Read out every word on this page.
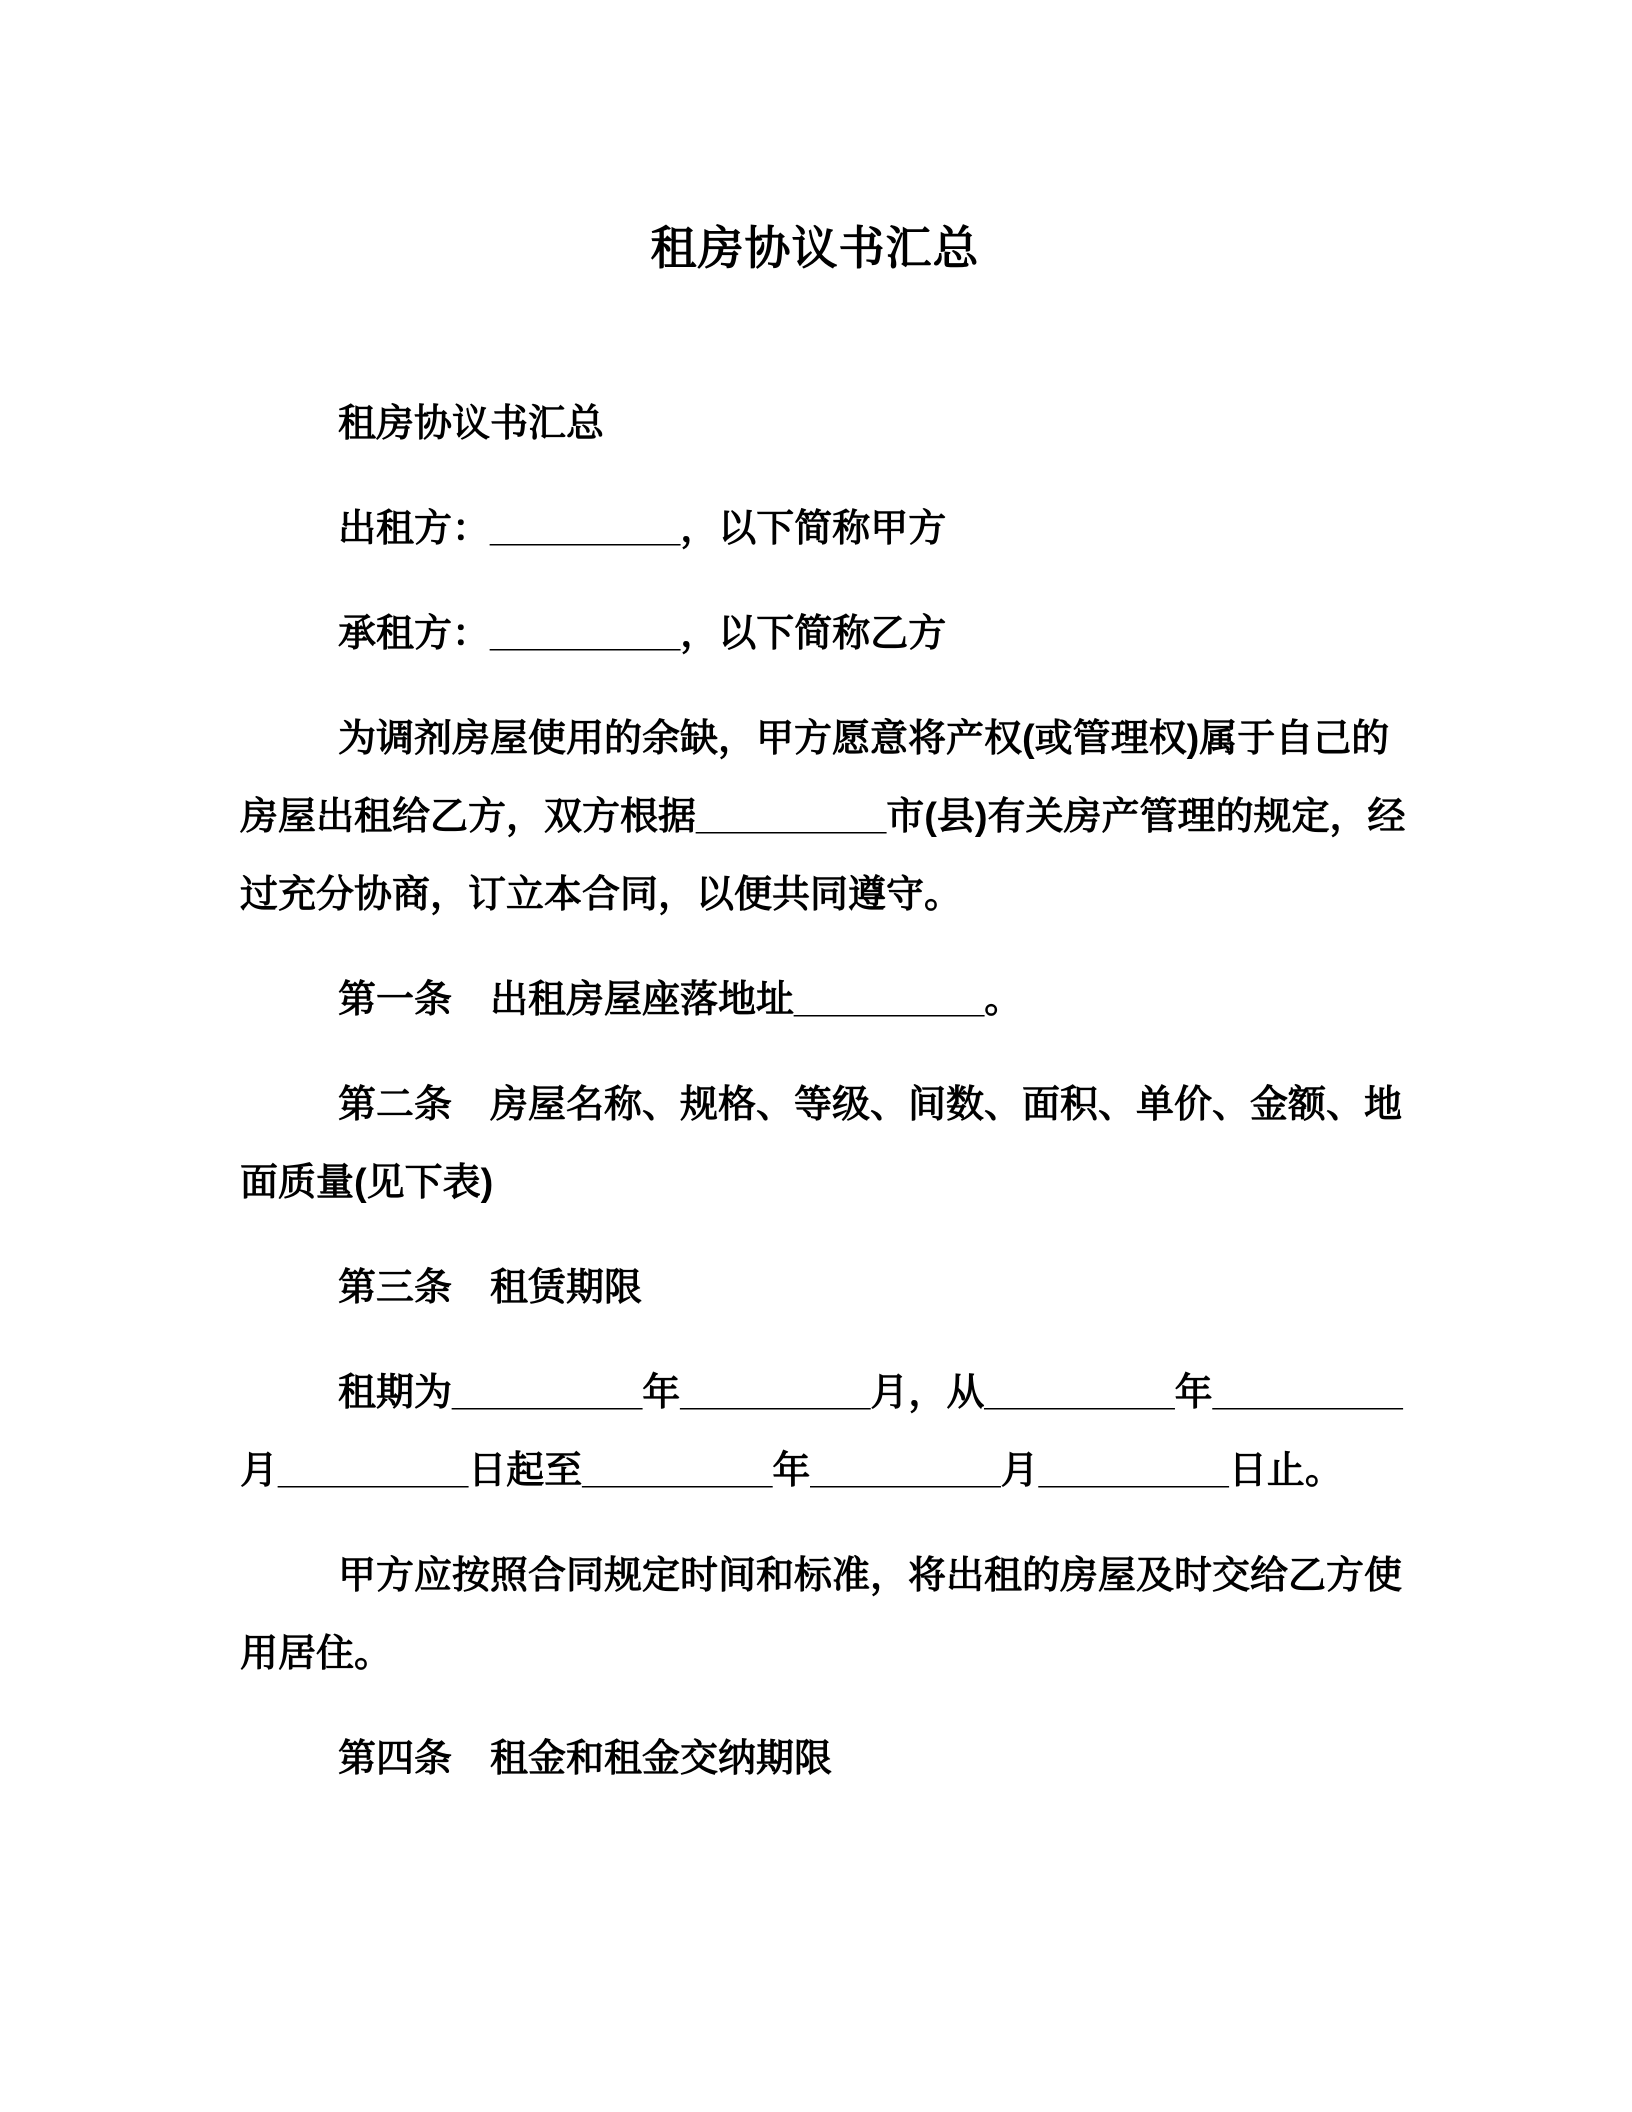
租房协议书汇总

租房协议书汇总

出租方：_________，以下简称甲方

承租方：_________，以下简称乙方

为调剂房屋使用的余缺，甲方愿意将产权(或管理权)属于自己的
房屋出租给乙方，双方根据_________市(县)有关房产管理的规定，经
过充分协商，订立本合同，以便共同遵守。

第一条　出租房屋座落地址_________。

第二条　房屋名称、规格、等级、间数、面积、单价、金额、地
面质量(见下表)

第三条　租赁期限

租期为_________年_________月，从_________年_________
月_________日起至_________年_________月_________日止。

甲方应按照合同规定时间和标准，将出租的房屋及时交给乙方使
用居住。

第四条　租金和租金交纳期限
